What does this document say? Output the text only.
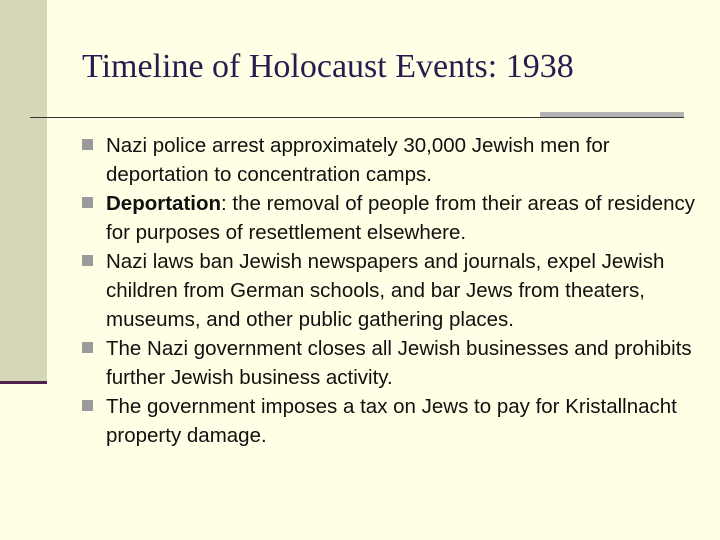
Timeline of Holocaust Events: 1938
Nazi police arrest approximately 30,000 Jewish men for deportation to concentration camps.
Deportation: the removal of people from their areas of residency for purposes of resettlement elsewhere.
Nazi laws ban Jewish newspapers and journals, expel Jewish children from German schools, and bar Jews from theaters, museums, and other public gathering places.
The Nazi government closes all Jewish businesses and prohibits further Jewish business activity.
The government imposes a tax on Jews to pay for Kristallnacht property damage.
